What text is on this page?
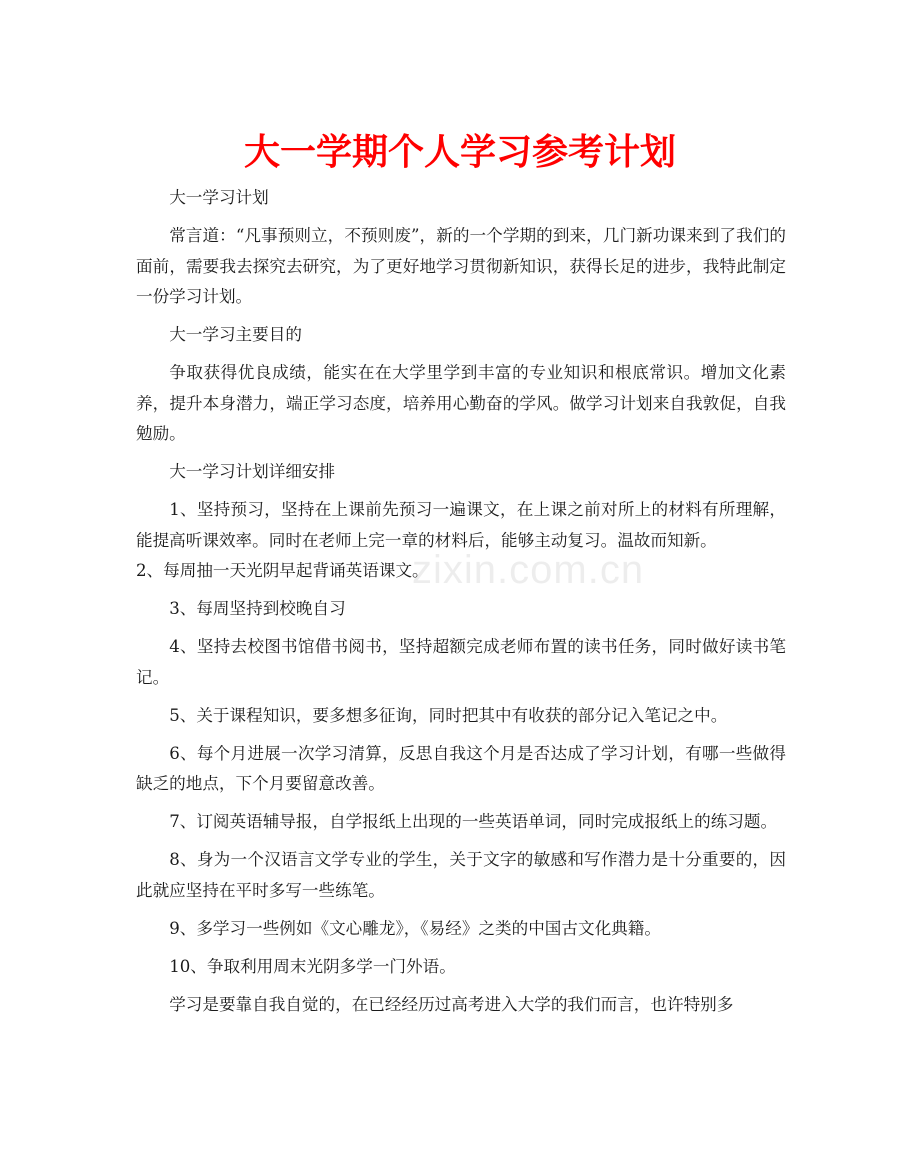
大一学期个人学习参考计划
zixin.com.cn

大一学习计划

常言道：“凡事预则立，不预则废”，新的一个学期的到来，几门新功课来到了我们的面前，需要我去探究去研究，为了更好地学习贯彻新知识，获得长足的进步，我特此制定一份学习计划。

大一学习主要目的

争取获得优良成绩，能实在在大学里学到丰富的专业知识和根底常识。增加文化素养，提升本身潜力，端正学习态度，培养用心勤奋的学风。做学习计划来自我敦促，自我勉励。

大一学习计划详细安排

1、坚持预习，坚持在上课前先预习一遍课文，在上课之前对所上的材料有所理解，能提高听课效率。同时在老师上完一章的材料后，能够主动复习。温故而知新。

2、每周抽一天光阴早起背诵英语课文。

3、每周坚持到校晚自习

4、坚持去校图书馆借书阅书，坚持超额完成老师布置的读书任务，同时做好读书笔记。

5、关于课程知识，要多想多征询，同时把其中有收获的部分记入笔记之中。

6、每个月进展一次学习清算，反思自我这个月是否达成了学习计划，有哪一些做得缺乏的地点，下个月要留意改善。

7、订阅英语辅导报，自学报纸上出现的一些英语单词，同时完成报纸上的练习题。

8、身为一个汉语言文学专业的学生，关于文字的敏感和写作潜力是十分重要的，因此就应坚持在平时多写一些练笔。

9、多学习一些例如《文心雕龙》，《易经》之类的中国古文化典籍。

10、争取利用周末光阴多学一门外语。

学习是要靠自我自觉的，在已经经历过高考进入大学的我们而言，也许特别多
